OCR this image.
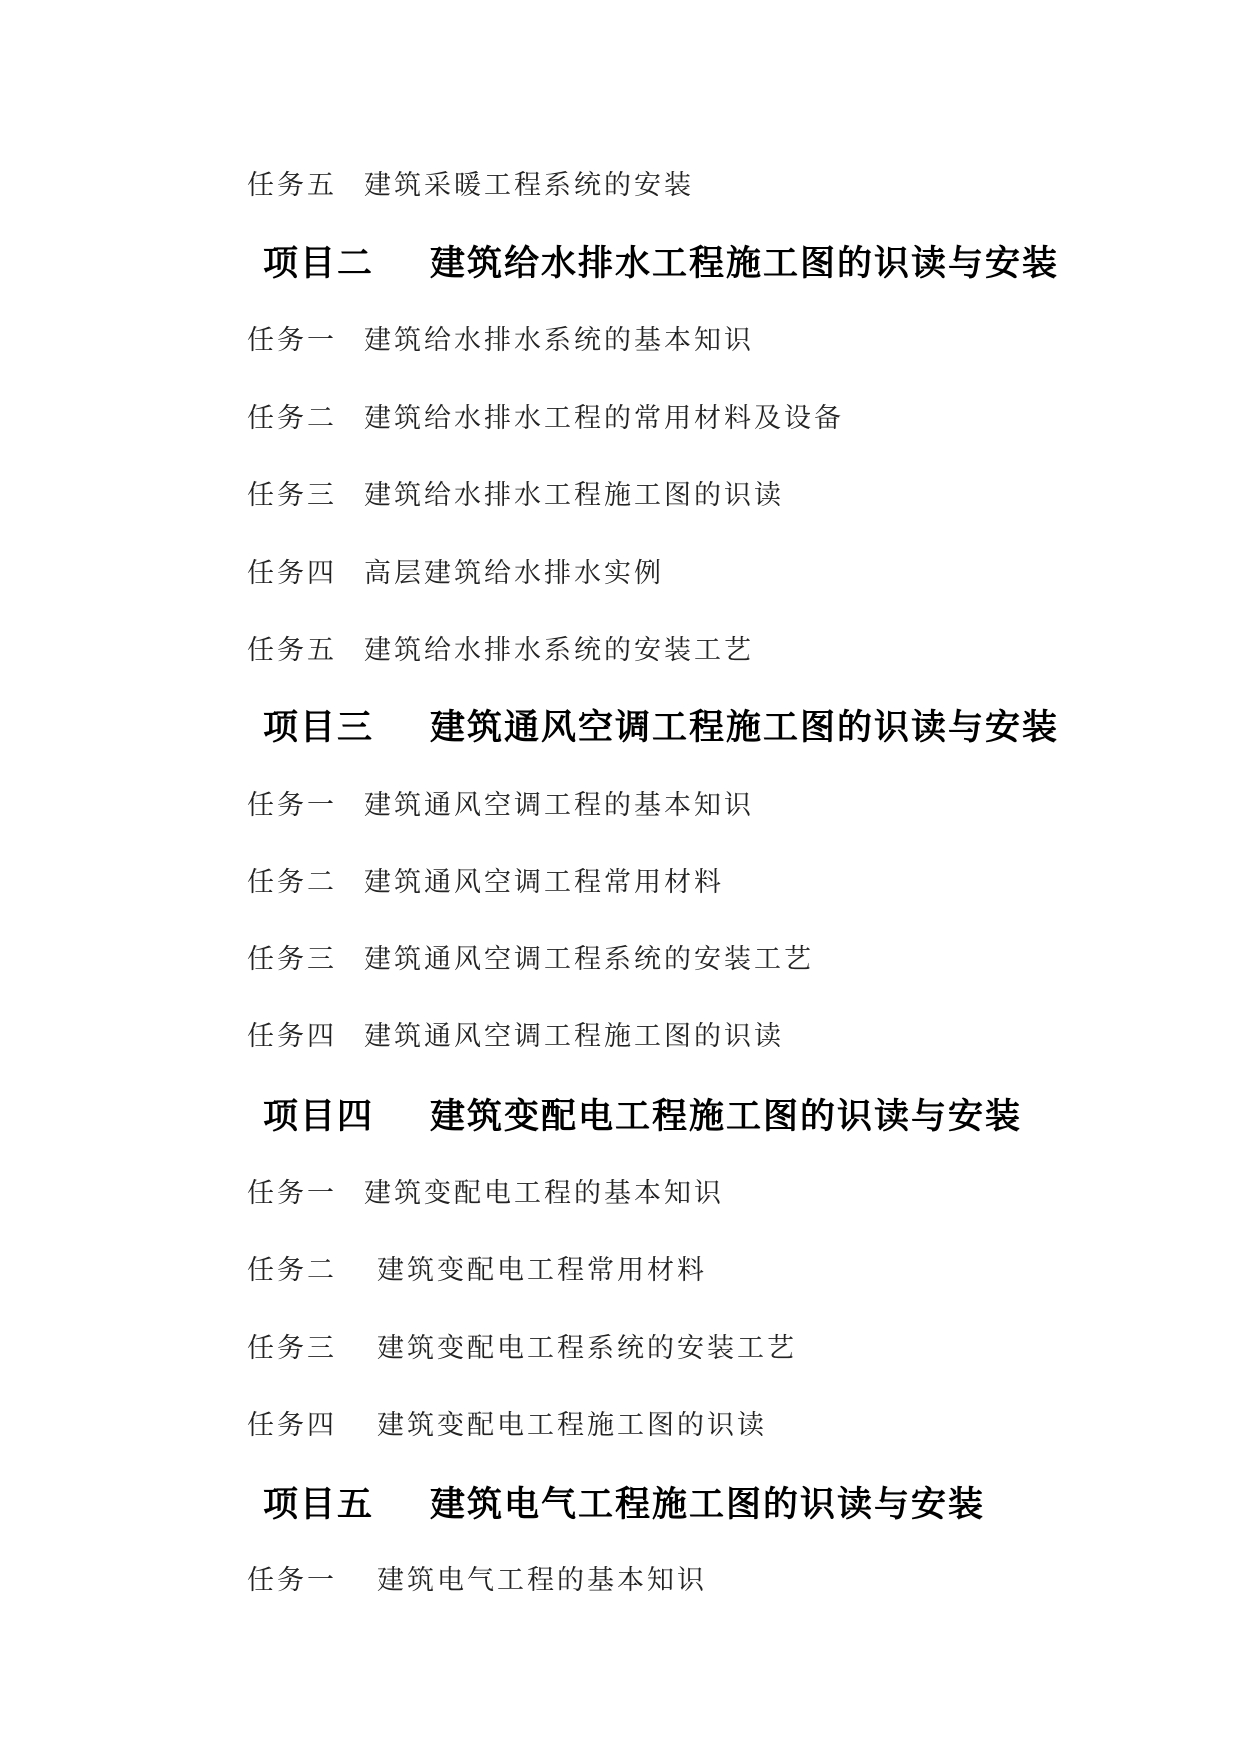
任务五 建筑采暖工程系统的安装
项目二 建筑给水排水工程施工图的识读与安装
任务一 建筑给水排水系统的基本知识
任务二 建筑给水排水工程的常用材料及设备
任务三 建筑给水排水工程施工图的识读
任务四 高层建筑给水排水实例
任务五 建筑给水排水系统的安装工艺
项目三 建筑通风空调工程施工图的识读与安装
任务一 建筑通风空调工程的基本知识
任务二 建筑通风空调工程常用材料
任务三 建筑通风空调工程系统的安装工艺
任务四 建筑通风空调工程施工图的识读
项目四 建筑变配电工程施工图的识读与安装
任务一 建筑变配电工程的基本知识
任务二 建筑变配电工程常用材料
任务三 建筑变配电工程系统的安装工艺
任务四 建筑变配电工程施工图的识读
项目五 建筑电气工程施工图的识读与安装
任务一 建筑电气工程的基本知识
